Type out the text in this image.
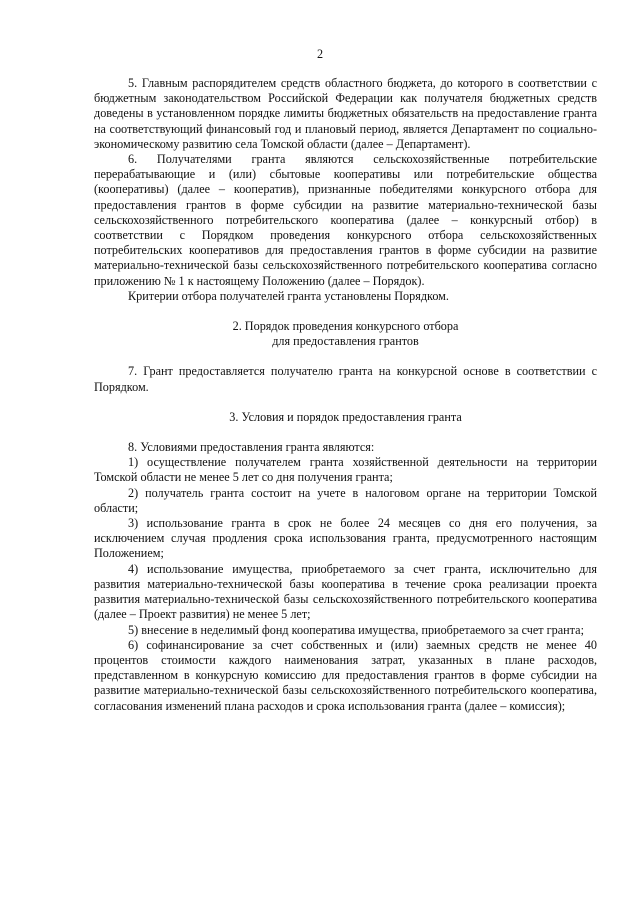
2

5. Главным распорядителем средств областного бюджета, до которого в соответствии с бюджетным законодательством Российской Федерации как получателя бюджетных средств доведены в установленном порядке лимиты бюджетных обязательств на предоставление гранта на соответствующий финансовый год и плановый период, является Департамент по социально-экономическому развитию села Томской области (далее – Департамент).

6. Получателями гранта являются сельскохозяйственные потребительские перерабатывающие и (или) сбытовые кооперативы или потребительские общества (кооперативы) (далее – кооператив), признанные победителями конкурсного отбора для предоставления грантов в форме субсидии на развитие материально-технической базы сельскохозяйственного потребительского кооператива (далее – конкурсный отбор) в соответствии с Порядком проведения конкурсного отбора сельскохозяйственных потребительских кооперативов для предоставления грантов в форме субсидии на развитие материально-технической базы сельскохозяйственного потребительского кооператива согласно приложению № 1 к настоящему Положению (далее – Порядок).

Критерии отбора получателей гранта установлены Порядком.

2. Порядок проведения конкурсного отбора

для предоставления грантов

7. Грант предоставляется получателю гранта на конкурсной основе в соответствии с Порядком.

3. Условия и порядок предоставления гранта

8. Условиями предоставления гранта являются:

1) осуществление получателем гранта хозяйственной деятельности на территории Томской области не менее 5 лет со дня получения гранта;

2) получатель гранта состоит на учете в налоговом органе на территории Томской области;

3) использование гранта в срок не более 24 месяцев со дня его получения, за исключением случая продления срока использования гранта, предусмотренного настоящим Положением;

4) использование имущества, приобретаемого за счет гранта, исключительно для развития материально-технической базы кооператива в течение срока реализации проекта развития материально-технической базы сельскохозяйственного потребительского кооператива (далее – Проект развития) не менее 5 лет;

5) внесение в неделимый фонд кооператива имущества, приобретаемого за счет гранта;

6) софинансирование за счет собственных и (или) заемных средств не менее 40 процентов стоимости каждого наименования затрат, указанных в плане расходов, представленном в конкурсную комиссию для предоставления грантов в форме субсидии на развитие материально-технической базы сельскохозяйственного потребительского кооператива, согласования изменений плана расходов и срока использования гранта (далее – комиссия);
